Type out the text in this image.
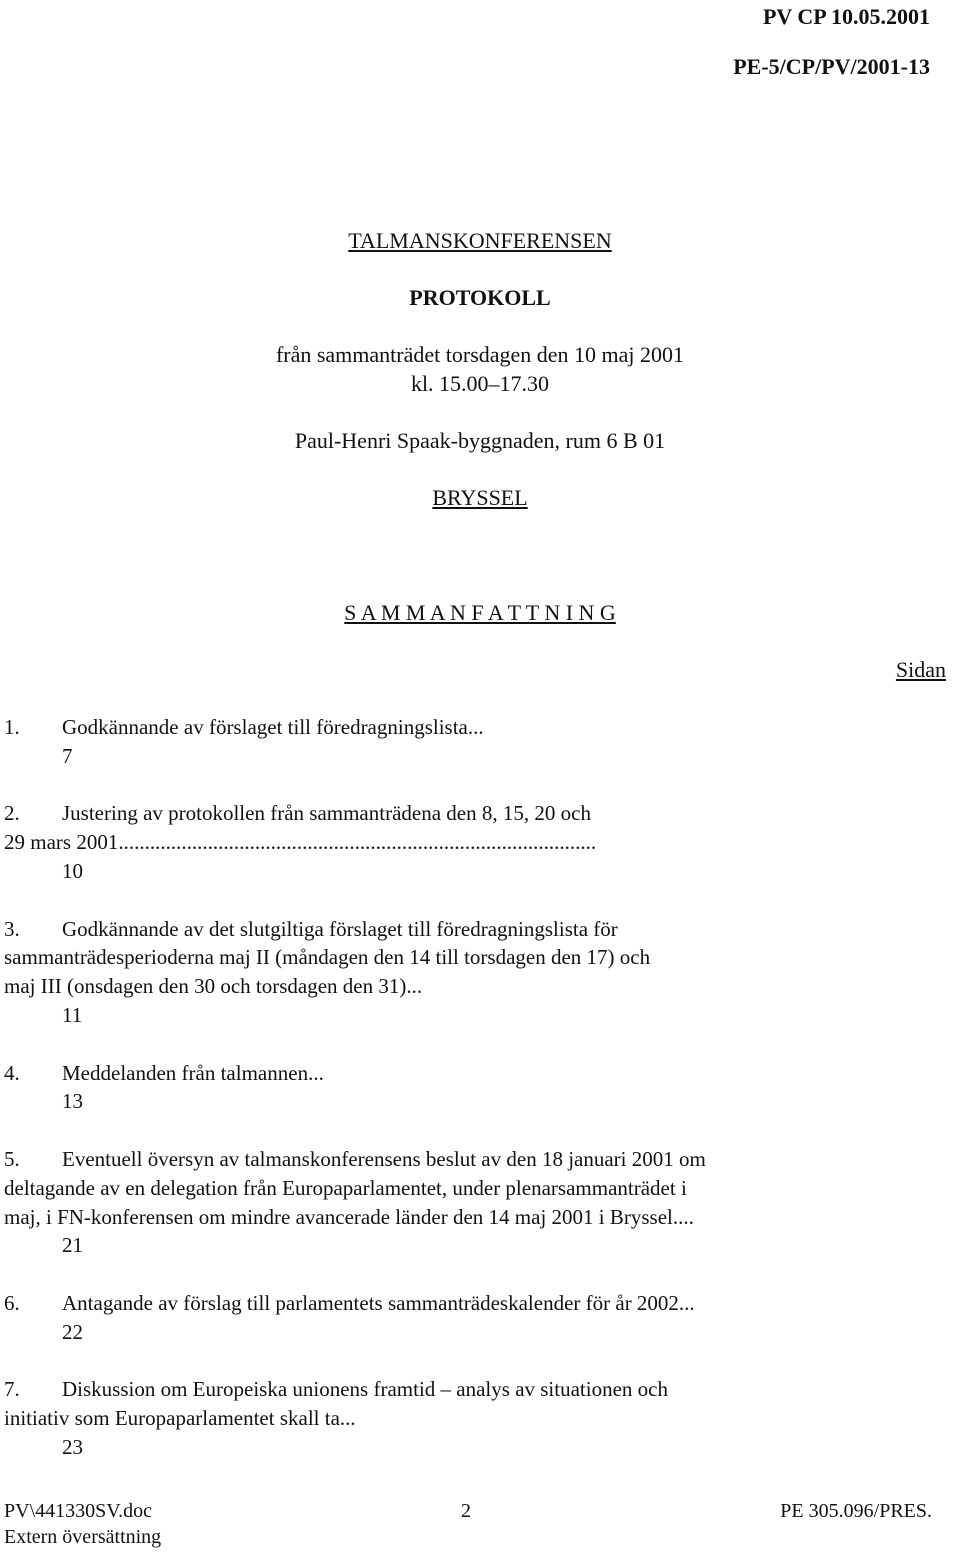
PV CP 10.05.2001
PE-5/CP/PV/2001-13
TALMANSKONFERENSEN
PROTOKOLL
från sammanträdet torsdagen den 10 maj 2001
kl. 15.00–17.30
Paul-Henri Spaak-byggnaden, rum 6 B 01
BRYSSEL
S A M M A N F A T T N I N G
Sidan
1. Godkännande av förslaget till föredragningslista...
7
2. Justering av protokollen från sammanträdena den 8, 15, 20 och
29 mars 2001...........................................................................................
10
3. Godkännande av det slutgiltiga förslaget till föredragningslista för
sammanträdesperioderna maj II (måndagen den 14 till torsdagen den 17) och
maj III (onsdagen den 30 och torsdagen den 31)...
11
4. Meddelanden från talmannen...
13
5. Eventuell översyn av talmanskonferensens beslut av den 18 januari 2001 om
deltagande av en delegation från Europaparlamentet, under plenarsammanträdet i
maj, i FN-konferensen om mindre avancerade länder den 14 maj 2001 i Bryssel....
21
6. Antagande av förslag till parlamentets sammanträdeskalender för år 2002...
22
7. Diskussion om Europeiska unionens framtid – analys av situationen och
initiativ som Europaparlamentet skall ta...
23
PV\441330SV.doc	2	PE 305.096/PRES.
Extern översättning
